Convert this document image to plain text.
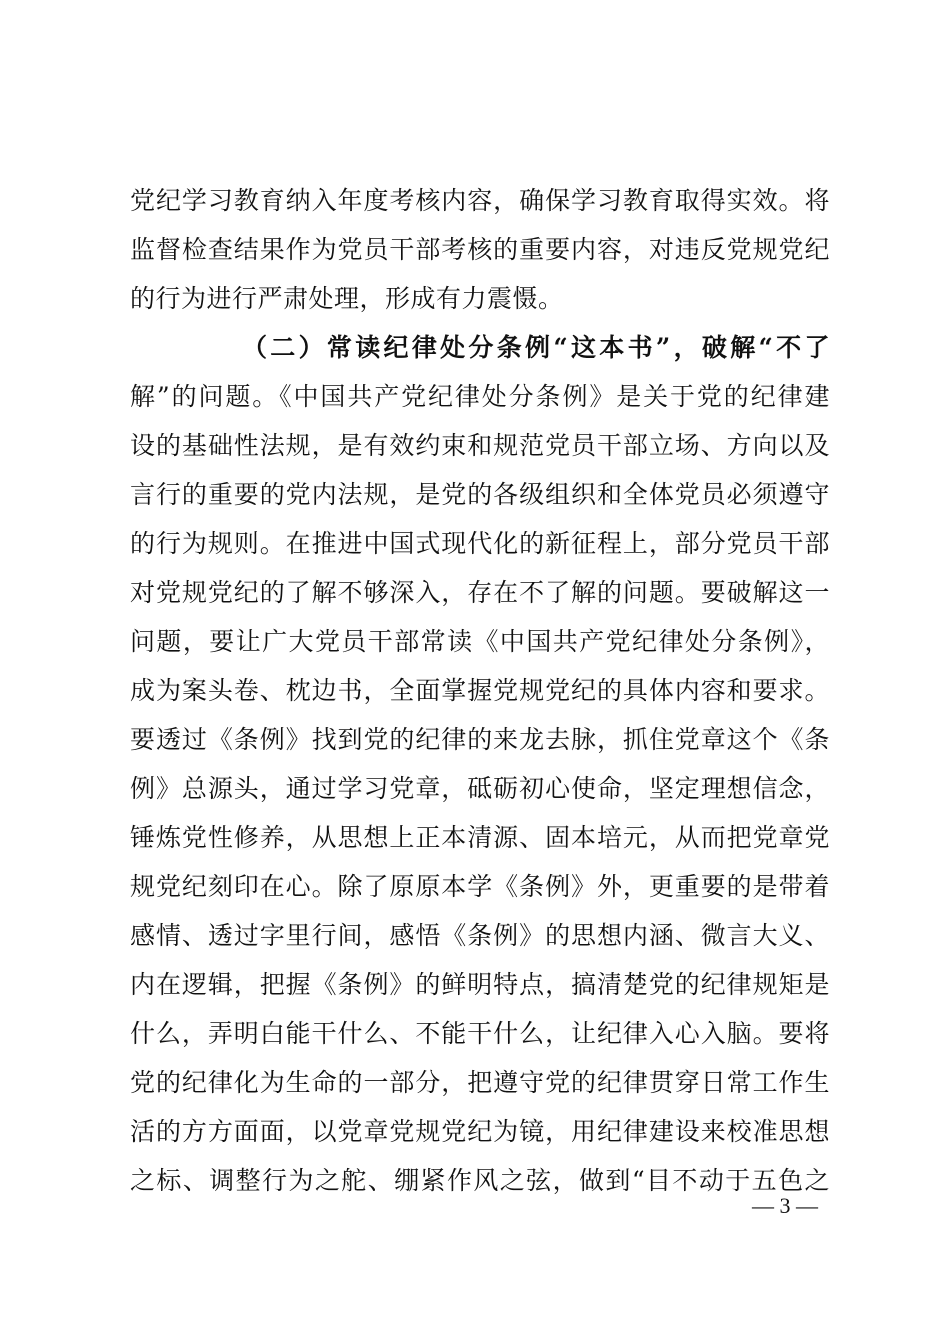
党纪学习教育纳入年度考核内容，确保学习教育取得实效。将
监督检查结果作为党员干部考核的重要内容，对违反党规党纪
的行为进行严肃处理，形成有力震慑。
（二）常读纪律处分条例“这本书”，破解“不了
解”的问题。《中国共产党纪律处分条例》是关于党的纪律建
设的基础性法规，是有效约束和规范党员干部立场、方向以及
言行的重要的党内法规，是党的各级组织和全体党员必须遵守
的行为规则。在推进中国式现代化的新征程上，部分党员干部
对党规党纪的了解不够深入，存在不了解的问题。要破解这一
问题，要让广大党员干部常读《中国共产党纪律处分条例》，
成为案头卷、枕边书，全面掌握党规党纪的具体内容和要求。
要透过《条例》找到党的纪律的来龙去脉，抓住党章这个《条
例》总源头，通过学习党章，砥砺初心使命，坚定理想信念，
锤炼党性修养，从思想上正本清源、固本培元，从而把党章党
规党纪刻印在心。除了原原本学《条例》外，更重要的是带着
感情、透过字里行间，感悟《条例》的思想内涵、微言大义、
内在逻辑，把握《条例》的鲜明特点，搞清楚党的纪律规矩是
什么，弄明白能干什么、不能干什么，让纪律入心入脑。要将
党的纪律化为生命的一部分，把遵守党的纪律贯穿日常工作生
活的方方面面，以党章党规党纪为镜，用纪律建设来校准思想
之标、调整行为之舵、绷紧作风之弦，做到“目不动于五色之
— 3 —
